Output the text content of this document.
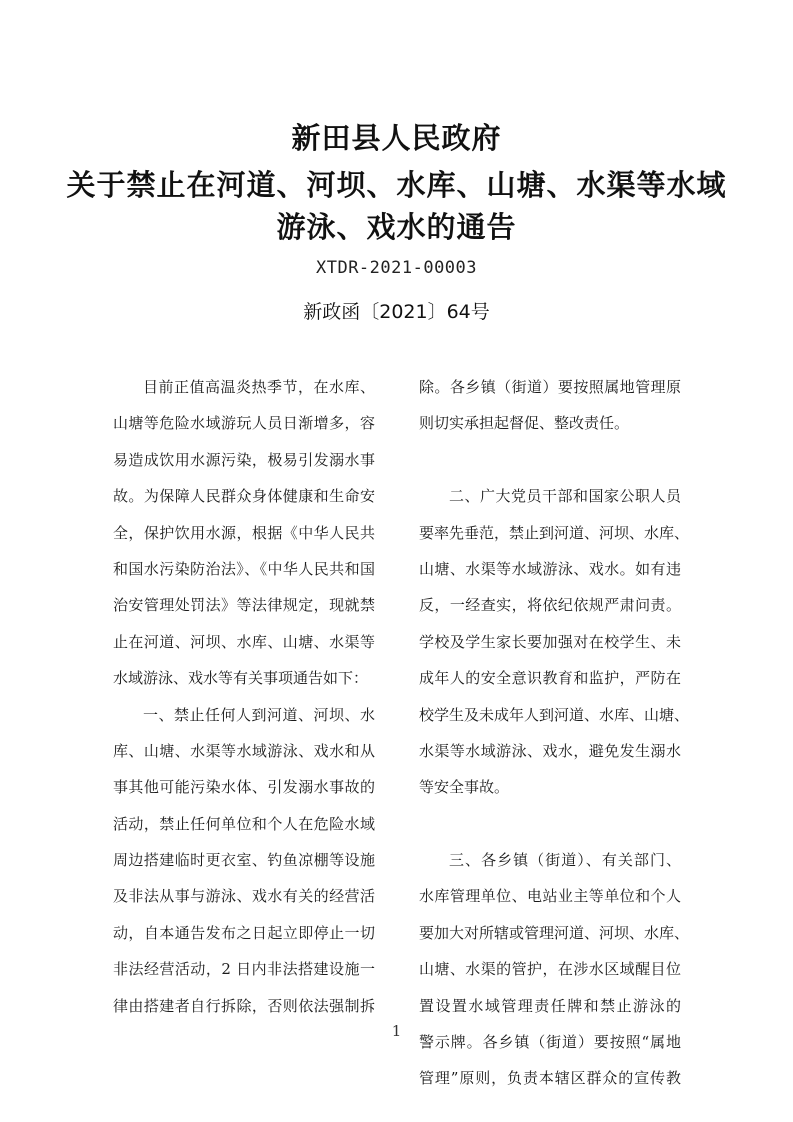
新田县人民政府
关于禁止在河道、河坝、水库、山塘、水渠等水域
游泳、戏水的通告
XTDR-2021-00003
新政函〔2021〕64号
目前正值高温炎热季节，在水库、
山塘等危险水域游玩人员日渐增多，容
易造成饮用水源污染，极易引发溺水事
故。为保障人民群众身体健康和生命安
全，保护饮用水源，根据《中华人民共
和国水污染防治法》、《中华人民共和国
治安管理处罚法》等法律规定，现就禁
止在河道、河坝、水库、山塘、水渠等
水域游泳、戏水等有关事项通告如下：
一、禁止任何人到河道、河坝、水
库、山塘、水渠等水域游泳、戏水和从
事其他可能污染水体、引发溺水事故的
活动，禁止任何单位和个人在危险水域
周边搭建临时更衣室、钓鱼凉棚等设施
及非法从事与游泳、戏水有关的经营活
动，自本通告发布之日起立即停止一切
非法经营活动，2 日内非法搭建设施一
律由搭建者自行拆除，否则依法强制拆
除。各乡镇（街道）要按照属地管理原
则切实承担起督促、整改责任。
二、广大党员干部和国家公职人员
要率先垂范，禁止到河道、河坝、水库、
山塘、水渠等水域游泳、戏水。如有违
反，一经查实，将依纪依规严肃问责。
学校及学生家长要加强对在校学生、未
成年人的安全意识教育和监护，严防在
校学生及未成年人到河道、水库、山塘、
水渠等水域游泳、戏水，避免发生溺水
等安全事故。
三、各乡镇（街道）、有关部门、
水库管理单位、电站业主等单位和个人
要加大对所辖或管理河道、河坝、水库、
山塘、水渠的管护，在涉水区域醒目位
置设置水域管理责任牌和禁止游泳的
警示牌。各乡镇（街道）要按照“属地
管理”原则，负责本辖区群众的宣传教
1
